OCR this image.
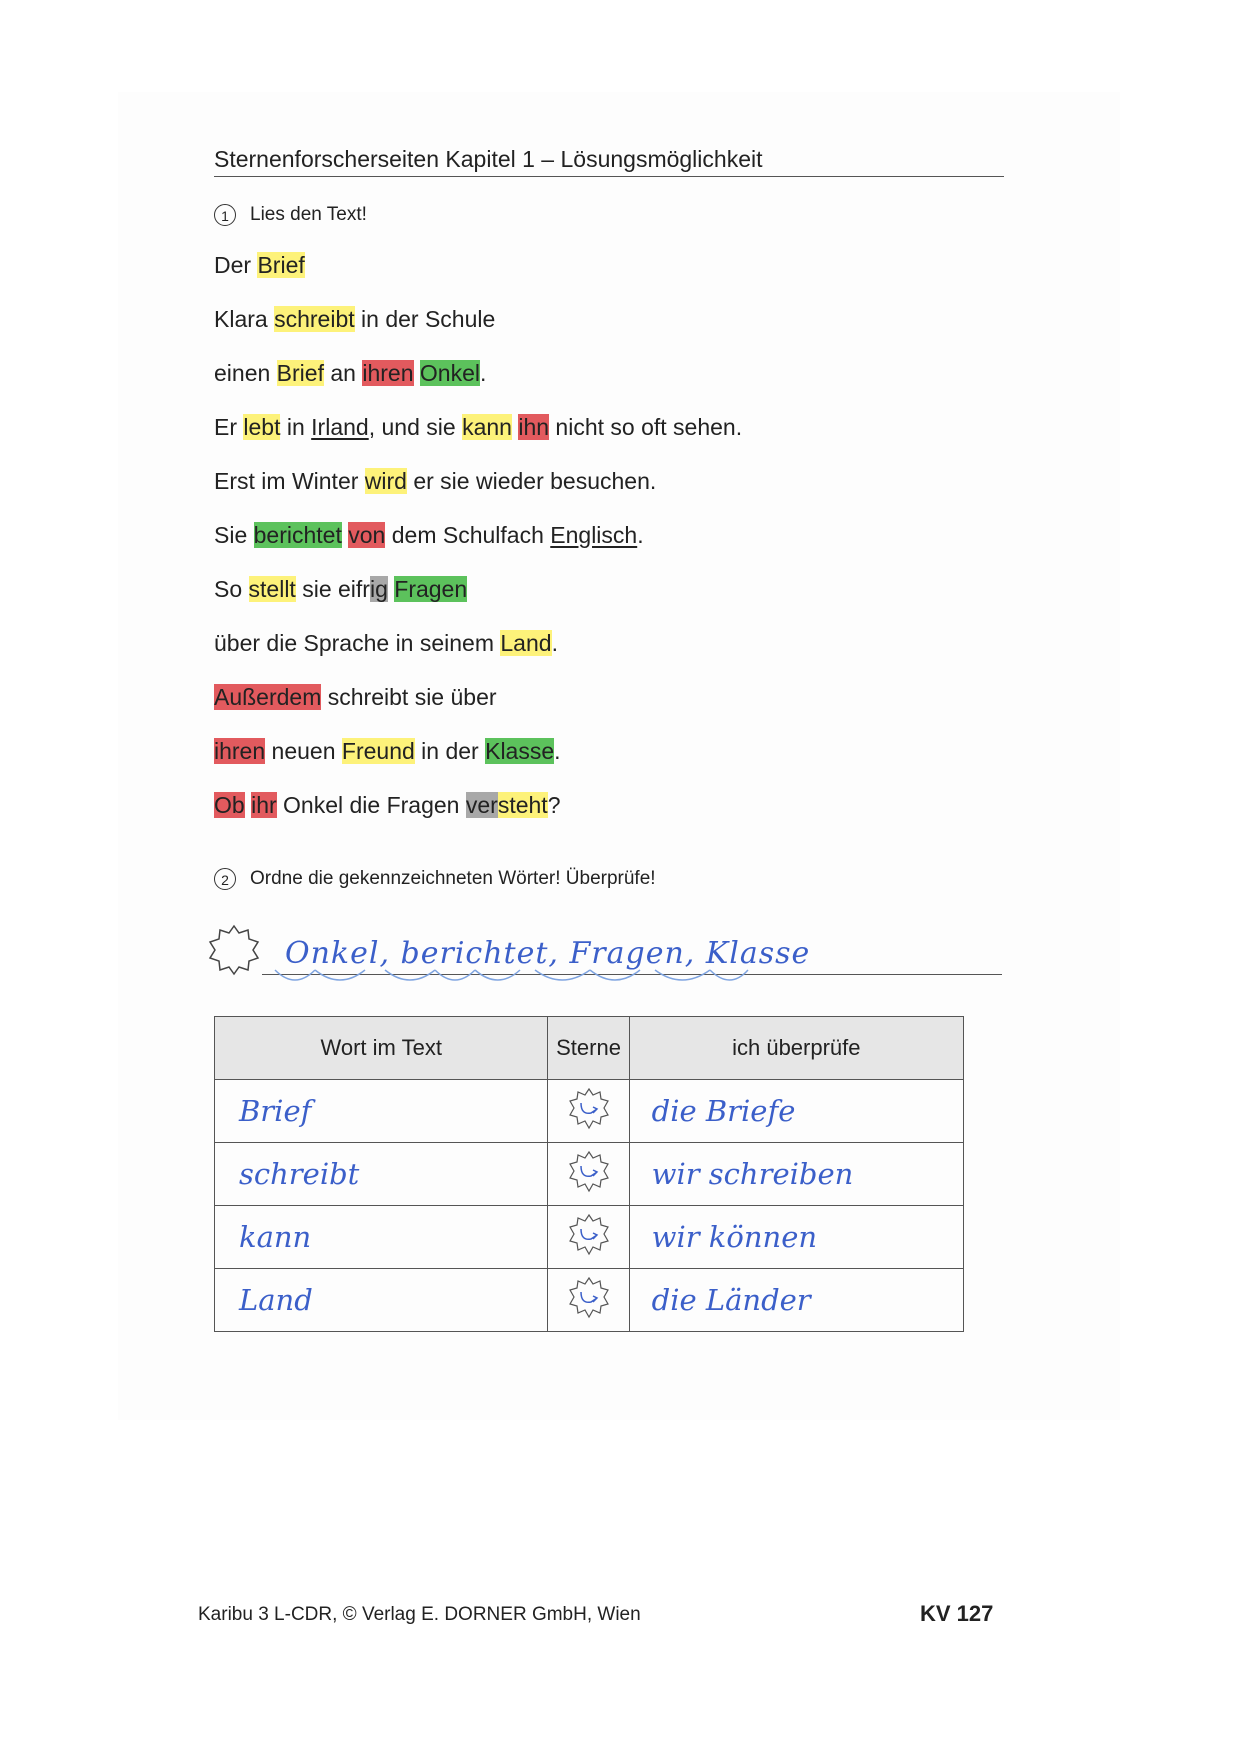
Sternenforscherseiten Kapitel 1 – Lösungsmöglichkeit
1 Lies den Text!
Der Brief
Klara schreibt in der Schule
einen Brief an ihren Onkel.
Er lebt in Irland, und sie kann ihn nicht so oft sehen.
Erst im Winter wird er sie wieder besuchen.
Sie berichtet von dem Schulfach Englisch.
So stellt sie eifrig Fragen
über die Sprache in seinem Land.
Außerdem schreibt sie über
ihren neuen Freund in der Klasse.
Ob ihr Onkel die Fragen versteht?
2 Ordne die gekennzeichneten Wörter! Überprüfe!
Onkel, berichtet, Fragen, Klasse
Wort im Text	Sterne	ich überprüfe
Brief		die Briefe
schreibt		wir schreiben
kann		wir können
Land		die Länder
Karibu 3 L-CDR, © Verlag E. DORNER GmbH, Wien	KV 127
